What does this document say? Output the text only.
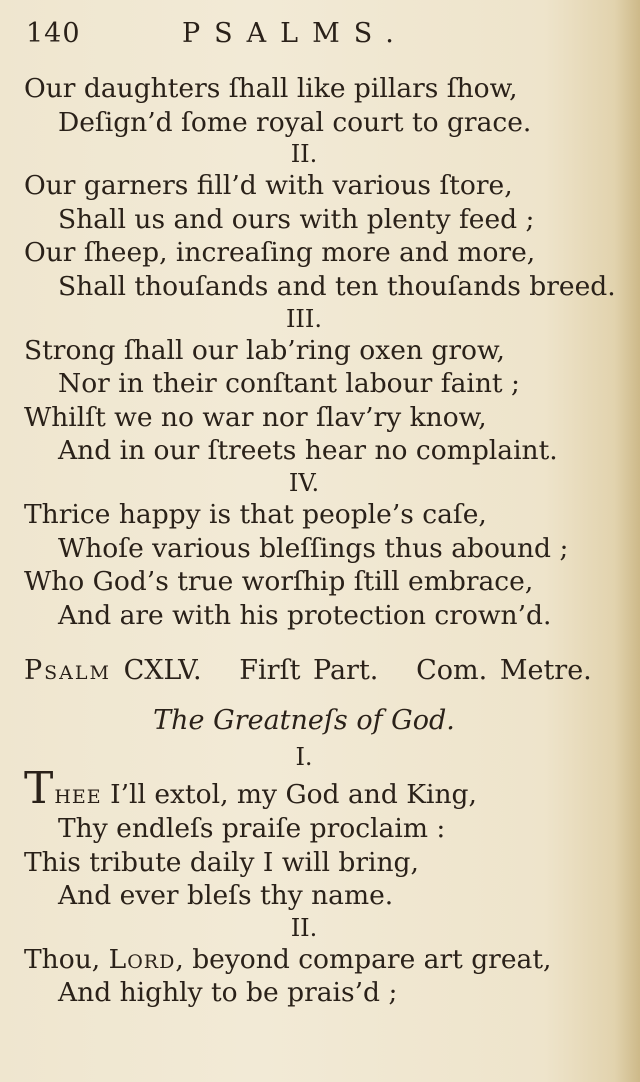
140	PSALMS.
Our daughters ſhall like pillars ſhow,
Deſign’d ſome royal court to grace.
II.
Our garners fill’d with various ſtore,
Shall us and ours with plenty feed ;
Our ſheep, increaſing more and more,
Shall thouſands and ten thouſands breed.
III.
Strong ſhall our lab’ring oxen grow,
Nor in their conſtant labour faint ;
Whilſt we no war nor ſlav’ry know,
And in our ſtreets hear no complaint.
IV.
Thrice happy is that people’s caſe,
Whoſe various bleſſings thus abound ;
Who God’s true worſhip ſtill embrace,
And are with his protection crown’d.
Psalm CXLV. Firſt Part. Com. Metre.
The Greatneſs of God.
I.
Thee I’ll extol, my God and King,
Thy endleſs praiſe proclaim :
This tribute daily I will bring,
And ever bleſs thy name.
II.
Thou, Lord, beyond compare art great,
And highly to be prais’d ;
